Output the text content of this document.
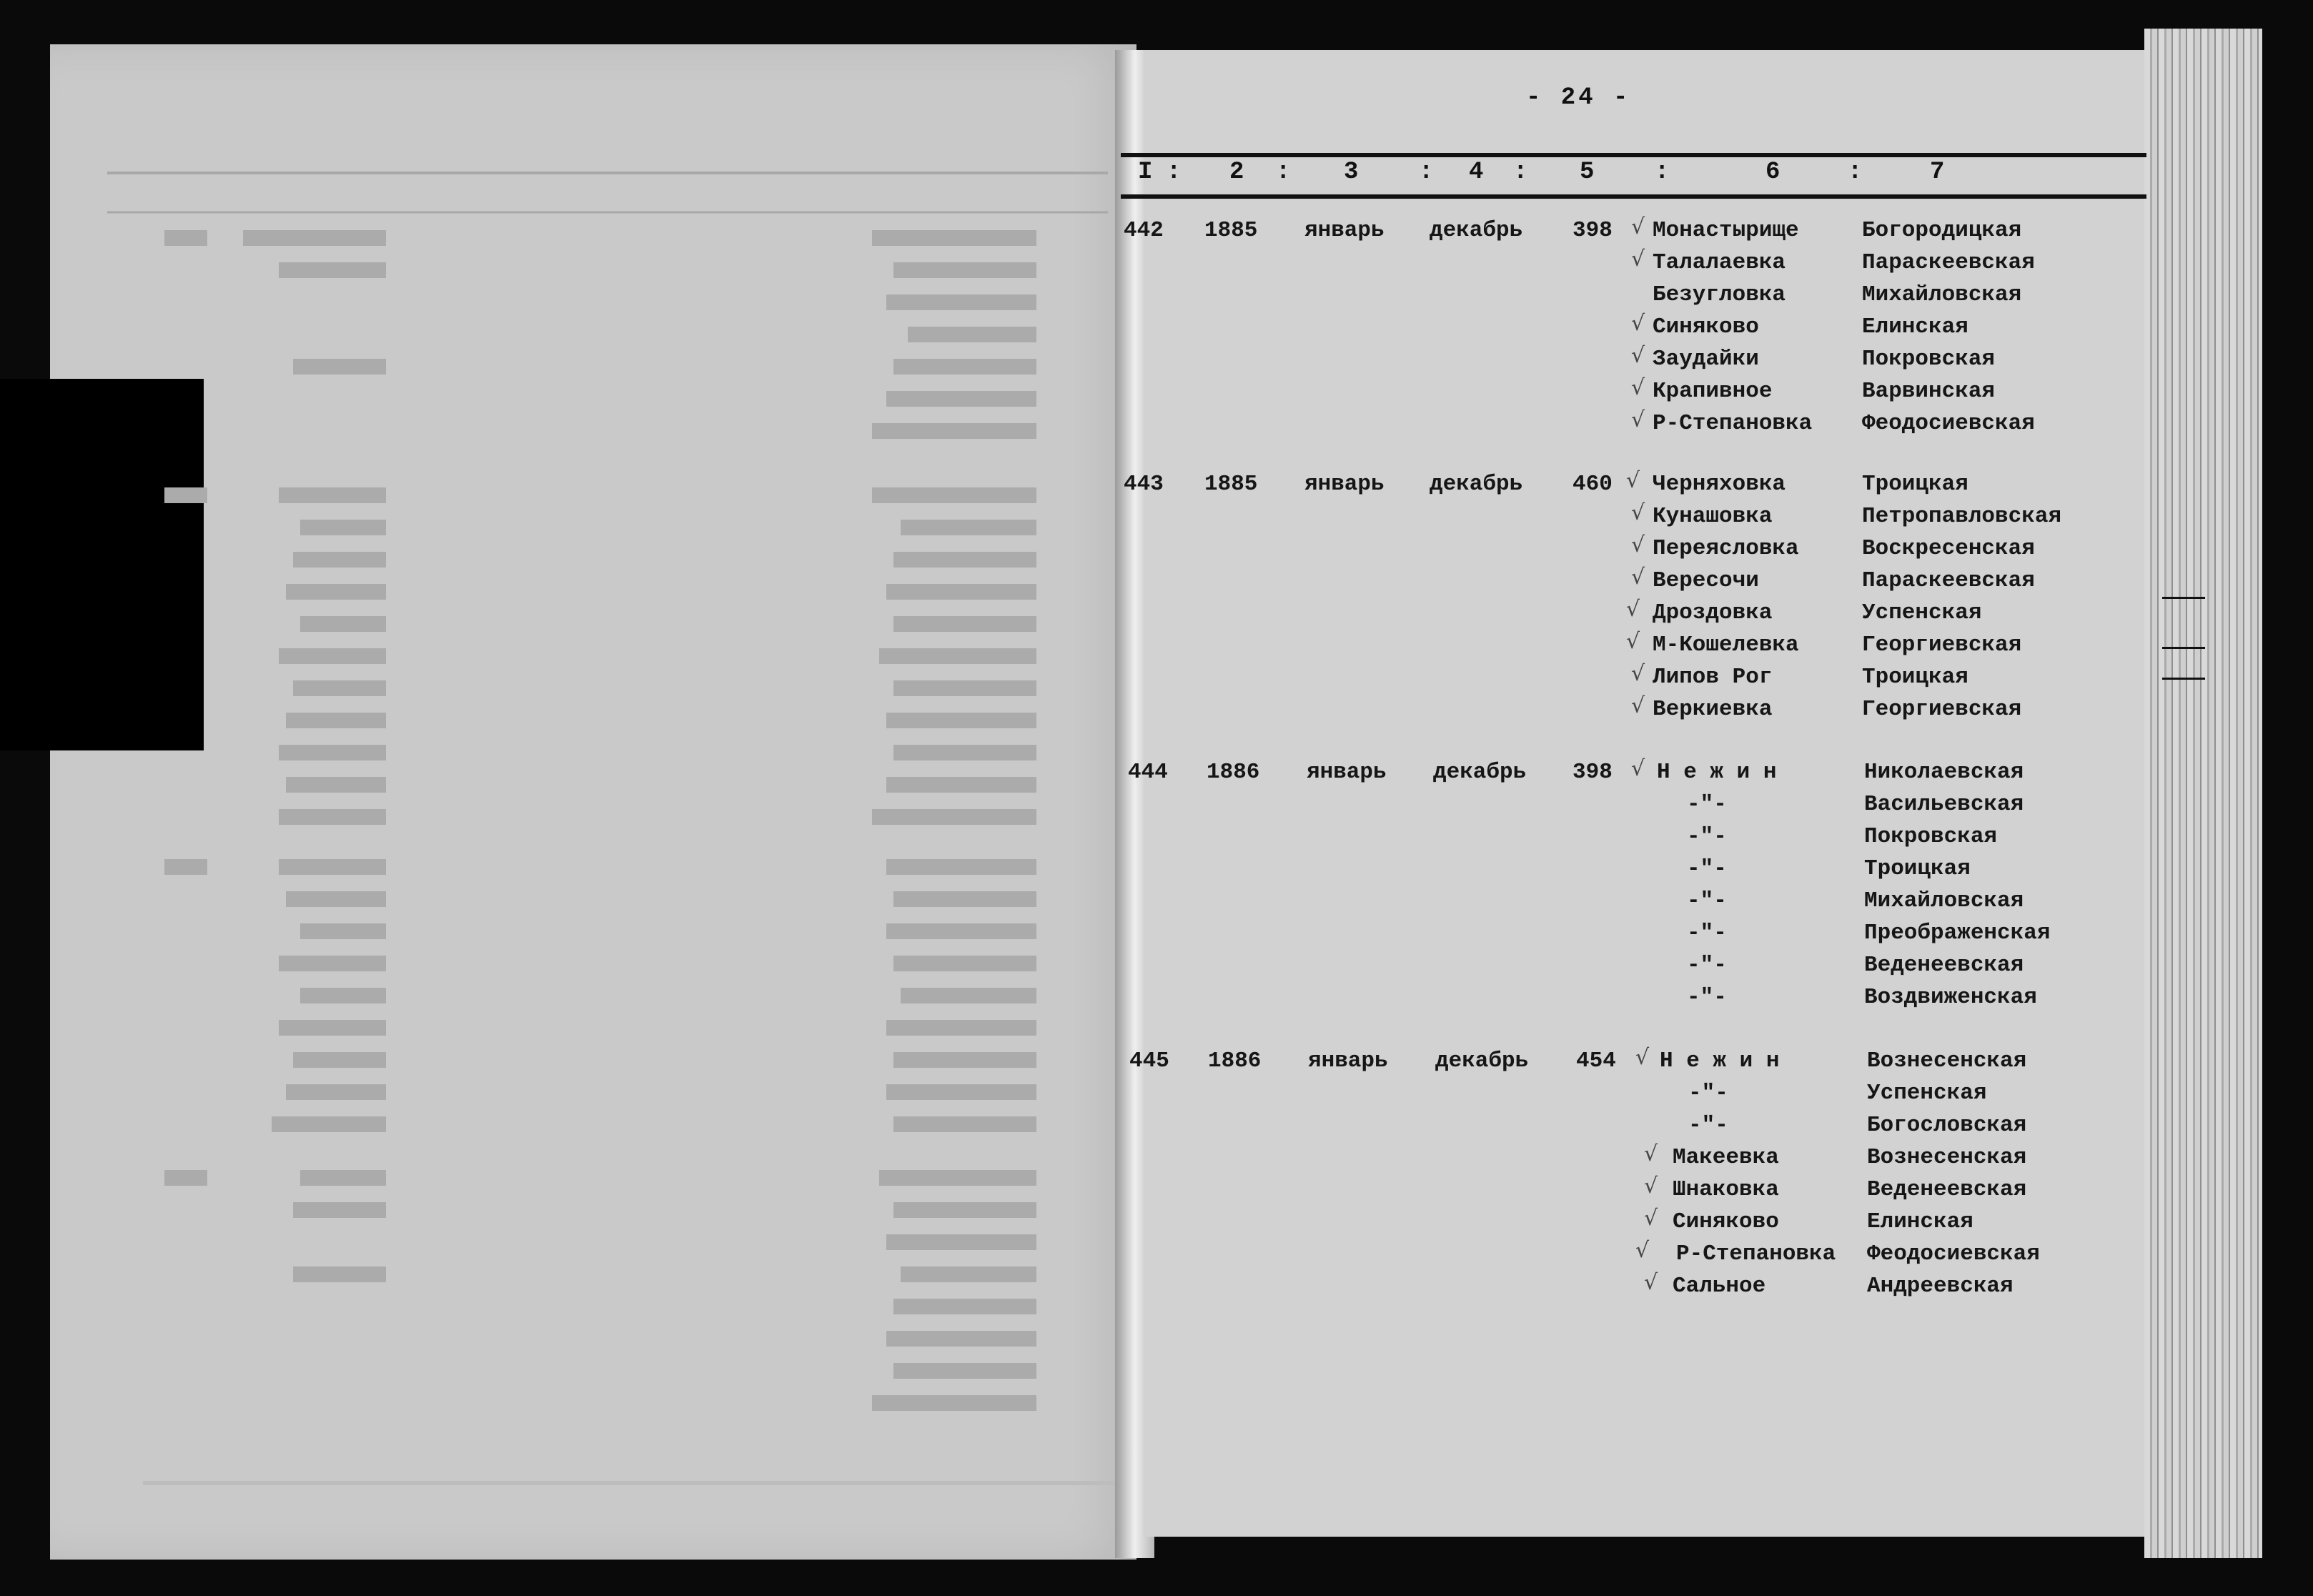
- 24 -
I : 2 : 3 : 4 : 5 :	6	:	7
442 1885 январь декабрь 398 √ Монастырище	Богородицкая
√ Талалаевка	Параскеевская
Безугловка	Михайловская
√ Синяково	Елинская
√ Заудайки	Покровская
√ Крапивное	Варвинская
√ Р-Степановка Феодосиевская
443 1885 январь декабрь 460 √ Черняховка	Троицкая
√ Кунашовка	Петропавловская
√ Переясловка	Воскресенская
√ Вересочи	Параскеевская
√ Дроздовка	Успенская
√ М-Кошелевка	Георгиевская
√ Липов Рог	Троицкая
√ Веркиевка	Георгиевская
444 1886 январь декабрь 398 √ Н е ж и н	Николаевская
-"-	Васильевская
-"-	Покровская
-"-	Троицкая
-"-	Михайловская
-"-	Преображенская
-"-	Веденеевская
-"-	Воздвиженская
445 1886 январь декабрь 454 √ Н е ж и н	Вознесенская
-"-	Успенская
-"-	Богословская
√ Макеевка	Вознесенская
√ Шнаковка	Веденеевская
√ Синяково	Елинская
√ Р-Степановка Феодосиевская
√ Сальное	Андреевская
